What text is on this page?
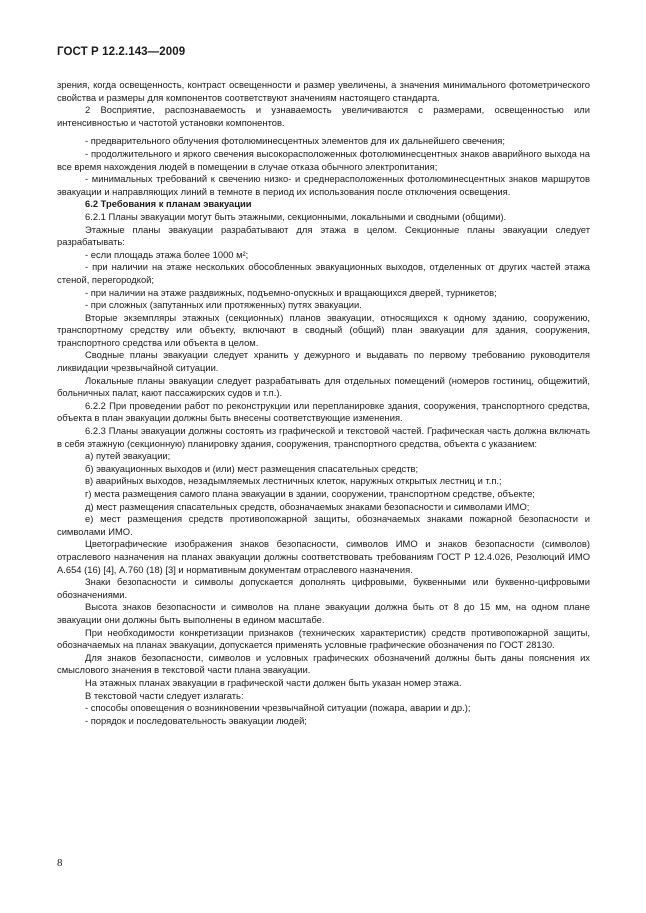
ГОСТ Р 12.2.143—2009

зрения, когда освещенность, контраст освещенности и размер увеличены, а значения минимального фотометрического свойства и размеры для компонентов соответствуют значениям настоящего стандарта.

2 Восприятие, распознаваемость и узнаваемость увеличиваются с размерами, освещенностью или интенсивностью и частотой установки компонентов.

- предварительного облучения фотолюминесцентных элементов для их дальнейшего свечения;

- продолжительного и яркого свечения высокорасположенных фотолюминесцентных знаков аварийного выхода на все время нахождения людей в помещении в случае отказа обычного электропитания;

- минимальных требований к свечению низко- и среднерасположенных фотолюминесцентных знаков маршрутов эвакуации и направляющих линий в темноте в период их использования после отключения освещения.

6.2 Требования к планам эвакуации

6.2.1 Планы эвакуации могут быть этажными, секционными, локальными и сводными (общими).

Этажные планы эвакуации разрабатывают для этажа в целом. Секционные планы эвакуации следует разрабатывать:

- если площадь этажа более 1000 м²;

- при наличии на этаже нескольких обособленных эвакуационных выходов, отделенных от других частей этажа стеной, перегородкой;

- при наличии на этаже раздвижных, подъемно-опускных и вращающихся дверей, турникетов;

- при сложных (запутанных или протяженных) путях эвакуации.

Вторые экземпляры этажных (секционных) планов эвакуации, относящихся к одному зданию, сооружению, транспортному средству или объекту, включают в сводный (общий) план эвакуации для здания, сооружения, транспортного средства или объекта в целом.

Сводные планы эвакуации следует хранить у дежурного и выдавать по первому требованию руководителя ликвидации чрезвычайной ситуации.

Локальные планы эвакуации следует разрабатывать для отдельных помещений (номеров гостиниц, общежитий, больничных палат, кают пассажирских судов и т.п.).

6.2.2 При проведении работ по реконструкции или перепланировке здания, сооружения, транспортного средства, объекта в план эвакуации должны быть внесены соответствующие изменения.

6.2.3 Планы эвакуации должны состоять из графической и текстовой частей. Графическая часть должна включать в себя этажную (секционную) планировку здания, сооружения, транспортного средства, объекта с указанием:

а) путей эвакуации;

б) эвакуационных выходов и (или) мест размещения спасательных средств;

в) аварийных выходов, незадымляемых лестничных клеток, наружных открытых лестниц и т.п.;

г) места размещения самого плана эвакуации в здании, сооружении, транспортном средстве, объекте;

д) мест размещения спасательных средств, обозначаемых знаками безопасности и символами ИМО;

е) мест размещения средств противопожарной защиты, обозначаемых знаками пожарной безопасности и символами ИМО.

Цветографические изображения знаков безопасности, символов ИМО и знаков безопасности (символов) отраслевого назначения на планах эвакуации должны соответствовать требованиям ГОСТ Р 12.4.026, Резолюций ИМО А.654 (16) [4], А.760 (18) [3] и нормативным документам отраслевого назначения.

Знаки безопасности и символы допускается дополнять цифровыми, буквенными или буквенно-цифровыми обозначениями.

Высота знаков безопасности и символов на плане эвакуации должна быть от 8 до 15 мм, на одном плане эвакуации они должны быть выполнены в едином масштабе.

При необходимости конкретизации признаков (технических характеристик) средств противопожарной защиты, обозначаемых на планах эвакуации, допускается применять условные графические обозначения по ГОСТ 28130.

Для знаков безопасности, символов и условных графических обозначений должны быть даны пояснения их смыслового значения в текстовой части плана эвакуации.

На этажных планах эвакуации в графической части должен быть указан номер этажа.

В текстовой части следует излагать:

- способы оповещения о возникновении чрезвычайной ситуации (пожара, аварии и др.);

- порядок и последовательность эвакуации людей;

8
